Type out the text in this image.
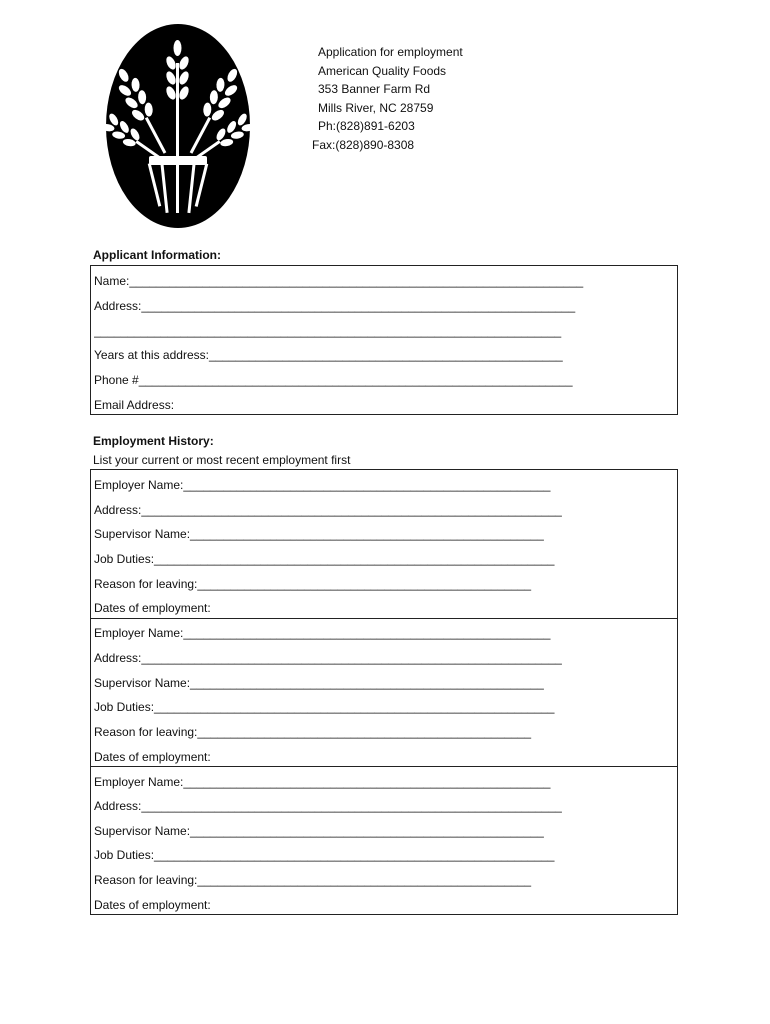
Application for employment
American Quality Foods
353 Banner Farm Rd
Mills River, NC 28759
Ph:(828)891-6203
Fax:(828)890-8308
Applicant Information:
Name:____________________________________________________________________
Address:_________________________________________________________________
______________________________________________________________________
Years at this address:_____________________________________________________
Phone #_________________________________________________________________
Email Address:
Employment History:
List your current or most recent employment first
Employer Name:_______________________________________________________
Address:_______________________________________________________________
Supervisor Name:_____________________________________________________
Job Duties:____________________________________________________________
Reason for leaving:__________________________________________________
Dates of employment:
Employer Name:_______________________________________________________
Address:_______________________________________________________________
Supervisor Name:_____________________________________________________
Job Duties:____________________________________________________________
Reason for leaving:__________________________________________________
Dates of employment:
Employer Name:_______________________________________________________
Address:_______________________________________________________________
Supervisor Name:_____________________________________________________
Job Duties:____________________________________________________________
Reason for leaving:__________________________________________________
Dates of employment:
